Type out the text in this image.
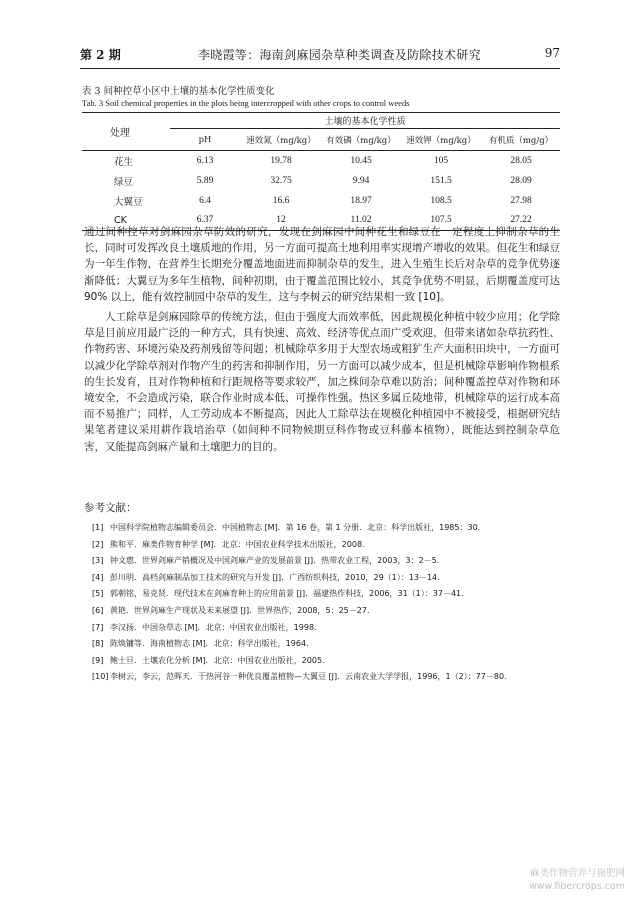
第 2 期	李晓霞等：海南剑麻园杂草种类调查及防除技术研究	97
表 3 间种控草小区中土壤的基本化学性质变化
Tab. 3 Soil chemical properties in the plots being intercropped with other crops to control weeds
处理	土壤的基本化学性质				
	pH	速效氮（mg/kg）	有效磷（mg/kg）	速效钾（mg/kg）	有机质（mg/g）
花生	6.13	19.78	10.45	105	28.05
绿豆	5.89	32.75	9.94	151.5	28.09
大翼豆	6.4	16.6	18.97	108.5	27.98
CK	6.37	12	11.02	107.5	27.22

通过间种控草对剑麻园杂草防效的研究，发现在剑麻园中间种花生和绿豆在一定程度上抑制杂草的生长，同时可发挥改良土壤质地的作用，另一方面可提高土地利用率实现增产增收的效果。但花生和绿豆为一年生作物，在营养生长期充分覆盖地面进而抑制杂草的发生，进入生殖生长后对杂草的竞争优势逐渐降低；大翼豆为多年生植物，间种初期，由于覆盖范围比较小，其竞争优势不明显，后期覆盖度可达 90% 以上，能有效控制园中杂草的发生，这与李树云的研究结果相一致 [10]。

人工除草是剑麻园除草的传统方法，但由于强度大而效率低，因此规模化种植中较少应用；化学除草是目前应用最广泛的一种方式，具有快速、高效、经济等优点而广受欢迎，但带来诸如杂草抗药性、作物药害、环境污染及药剂残留等问题；机械除草多用于大型农场或粗犷生产大面积田块中，一方面可以减少化学除草剂对作物产生的药害和抑制作用，另一方面可以减少成本，但是机械除草影响作物根系的生长发育，且对作物种植和行距规格等要求较严，加之株间杂草难以防治；间种覆盖控草对作物和环境安全，不会造成污染，联合作业时成本低、可操作性强。热区多属丘陵地带，机械除草的运行成本高而不易推广；同样，人工劳动成本不断提高，因此人工除草法在规模化种植园中不被接受，根据研究结果笔者建议采用耕作栽培治草（如间种不同物候期豆科作物或豆科藤本植物），既能达到控制杂草危害，又能提高剑麻产量和土壤肥力的目的。

参考文献：
[1] 中国科学院植物志编辑委员会．中国植物志 [M]．第 16 卷，第 1 分册．北京：科学出版社，1985：30.
[2] 熊和平．麻类作物育种学 [M]．北京：中国农业科学技术出版社，2008.
[3] 钟文惠．世界剑麻产销概况及中国剑麻产业的发展前景 [J]．热带农业工程，2003，3：2－5.
[4] 彭川明．高档剑麻制品加工技术的研究与开发 [J]．广西纺织科技，2010，29（1）：13－14.
[5] 郭朝铭，易克贤．现代技术在剑麻育种上的应用前景 [J]．福建热作科技，2006，31（1）：37－41.
[6] 黄艳．世界剑麻生产现状及未来展望 [J]．世界热作，2008，5：25－27.
[7] 李汉扬．中国杂草志 [M]．北京：中国农业出版社，1998.
[8] 陈焕镛等．海南植物志 [M]．北京：科学出版社，1964.
[9] 鲍士旦．土壤农化分析 [M]．北京：中国农业出版社，2005.
[10] 李树云，李云，范晖天．干热河谷一种优良覆盖植物—大翼豆 [J]．云南农业大学学报，1996，1（2）：77－80.
麻类作物营养与施肥网
www.fibercrops.com
